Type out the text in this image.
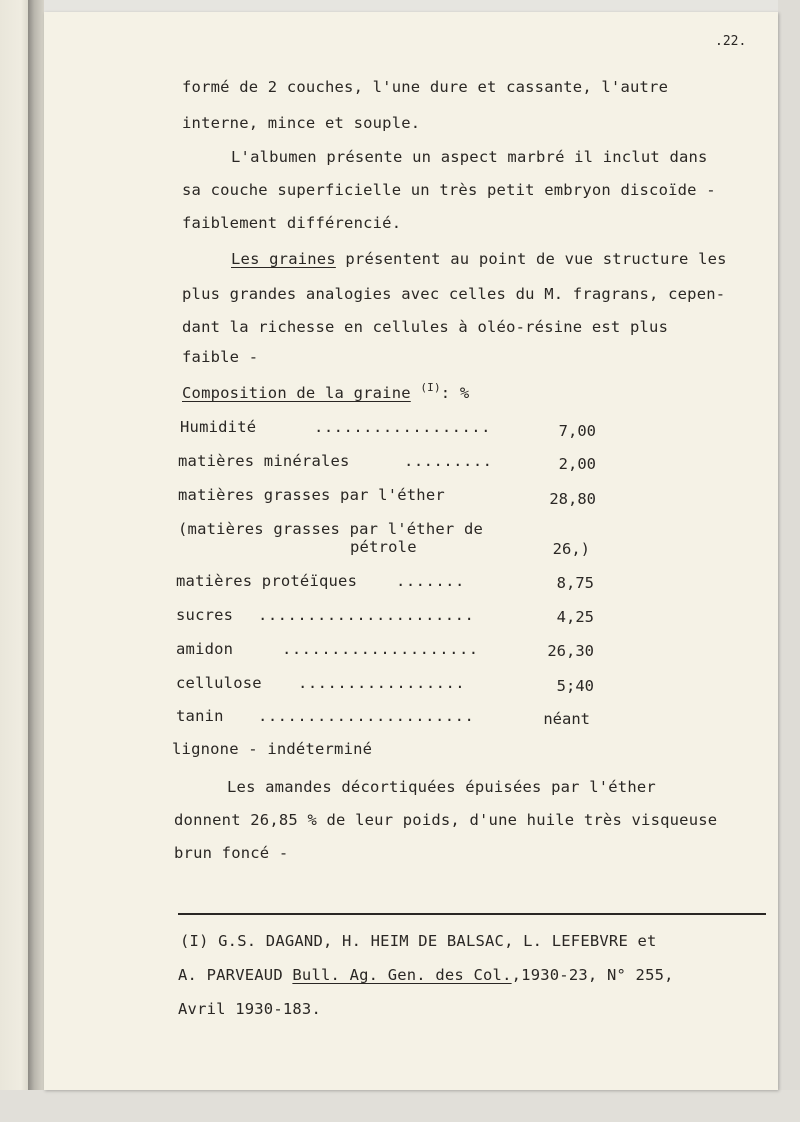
.22.
formé de 2 couches, l'une dure et cassante, l'autre
interne, mince et souple.
L'albumen présente un aspect marbré il inclut dans
sa couche superficielle un très petit embryon discoïde -
faiblement différencié.
Les graines présentent au point de vue structure les
plus grandes analogies avec celles du M. fragrans, cepen-
dant la richesse en cellules à oléo-résine est plus
faible -
Composition de la graine $^{(I)}$: %
Humidité	..................	7,00
matières minérales	.........	2,00
matières grasses par l'éther	28,80
(matières grasses par l'éther de
pétrole	26,)
matières protéïques	.......	8,75
sucres ......................	4,25
amidon	....................	26,30
cellulose .................	5;40
tanin ......................	néant
lignone - indéterminé
Les amandes décortiquées épuisées par l'éther
donnent 26,85 % de leur poids, d'une huile très visqueuse
brun foncé -
(I) G.S. DAGAND, H. HEIM DE BALSAC, L. LEFEBVRE et
A. PARVEAUD Bull. Ag. Gen. des Col.,1930-23, N° 255,
Avril 1930-183.
